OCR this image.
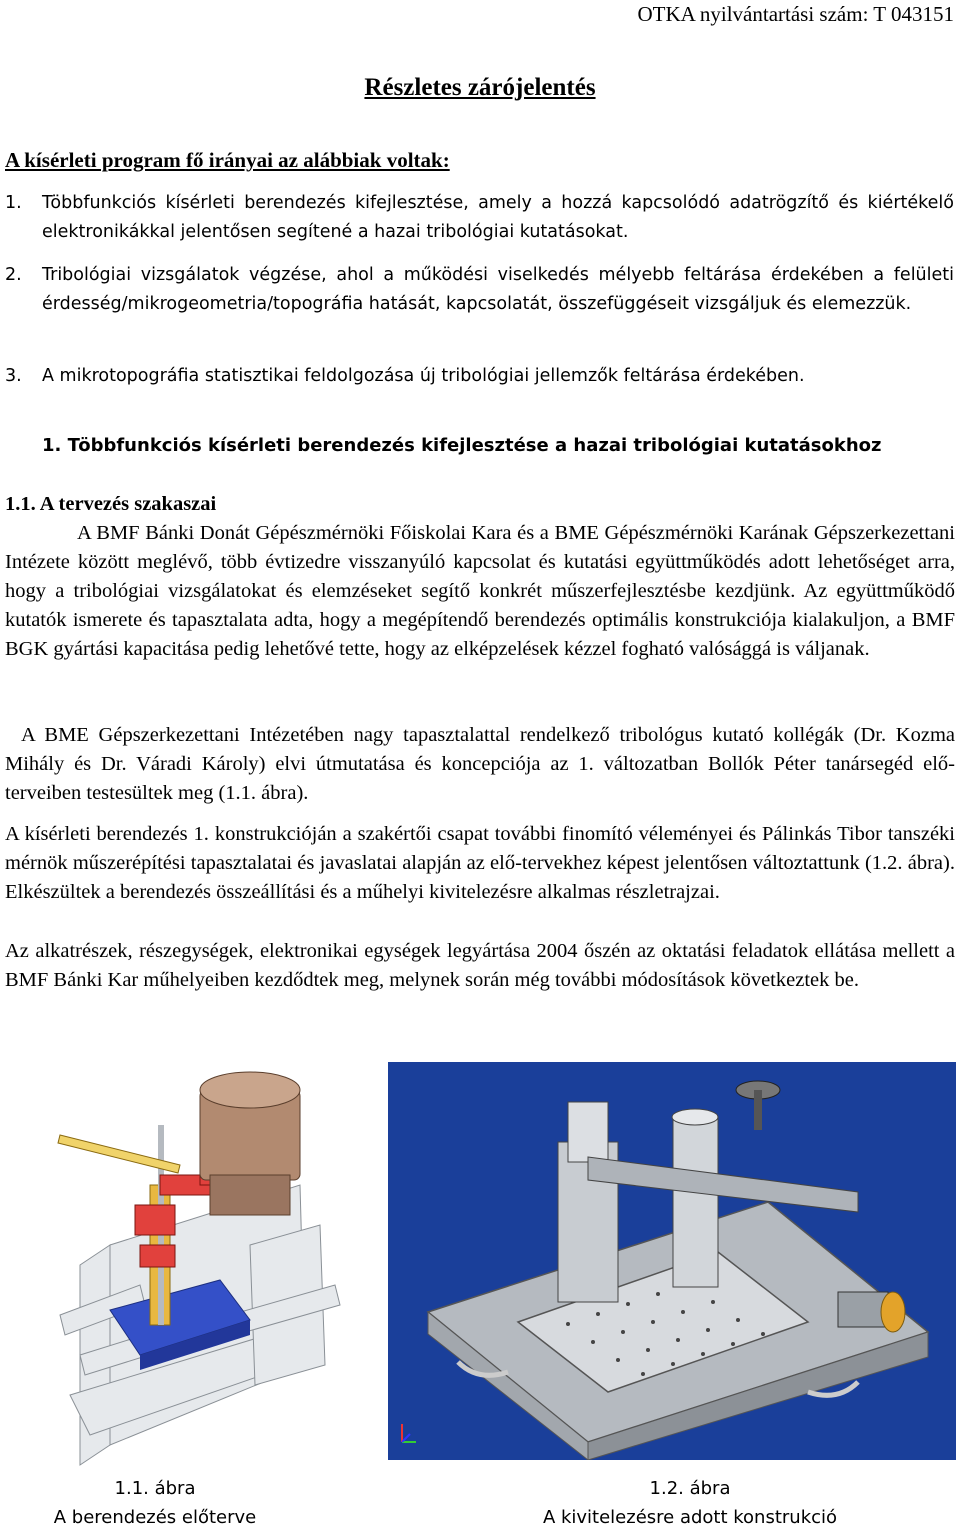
OTKA nyilvántartási szám: T 043151
Részletes zárójelentés
A kísérleti program fő irányai az alábbiak voltak:
1. Többfunkciós kísérleti berendezés kifejlesztése, amely a hozzá kapcsolódó adatrögzítő és kiértékelő elektronikákkal jelentősen segítené a hazai tribológiai kutatásokat.
2. Tribológiai vizsgálatok végzése, ahol a működési viselkedés mélyebb feltárása érdekében a felületi érdesség/mikrogeometria/topográfia hatását, kapcsolatát, összefüggéseit vizsgáljuk és elemezzük.
3. A mikrotopográfia statisztikai feldolgozása új tribológiai jellemzők feltárása érdekében.
1. Többfunkciós kísérleti berendezés kifejlesztése a hazai tribológiai kutatásokhoz
1.1. A tervezés szakaszai
A BMF Bánki Donát Gépészmérnöki Főiskolai Kara és a BME Gépészmérnöki Karának Gépszerkezettani Intézete között meglévő, több évtizedre visszanyúló kapcsolat és kutatási együttműködés adott lehetőséget arra, hogy a tribológiai vizsgálatokat és elemzéseket segítő konkrét műszerfejlesztésbe kezdjünk. Az együttműködő kutatók ismerete és tapasztalata adta, hogy a megépítendő berendezés optimális konstrukciója kialakuljon, a BMF BGK gyártási kapacitása pedig lehetővé tette, hogy az elképzelések kézzel fogható valósággá is váljanak.
A BME Gépszerkezettani Intézetében nagy tapasztalattal rendelkező tribológus kutató kollégák (Dr. Kozma Mihály és Dr. Váradi Károly) elvi útmutatása és koncepciója az 1. változatban Bollók Péter tanársegéd elő-terveiben testesültek meg (1.1. ábra).
A kísérleti berendezés 1. konstrukcióján a szakértői csapat további finomító véleményei és Pálinkás Tibor tanszéki mérnök műszerépítési tapasztalatai és javaslatai alapján az elő-tervekhez képest jelentősen változtattunk (1.2. ábra). Elkészültek a berendezés összeállítási és a műhelyi kivitelezésre alkalmas részletrajzai.
Az alkatrészek, részegységek, elektronikai egységek legyártása 2004 őszén az oktatási feladatok ellátása mellett a BMF Bánki Kar műhelyeiben kezdődtek meg, melynek során még további módosítások következtek be.
1.1. ábra
A berendezés előterve
1.2. ábra
A kivitelezésre adott konstrukció
